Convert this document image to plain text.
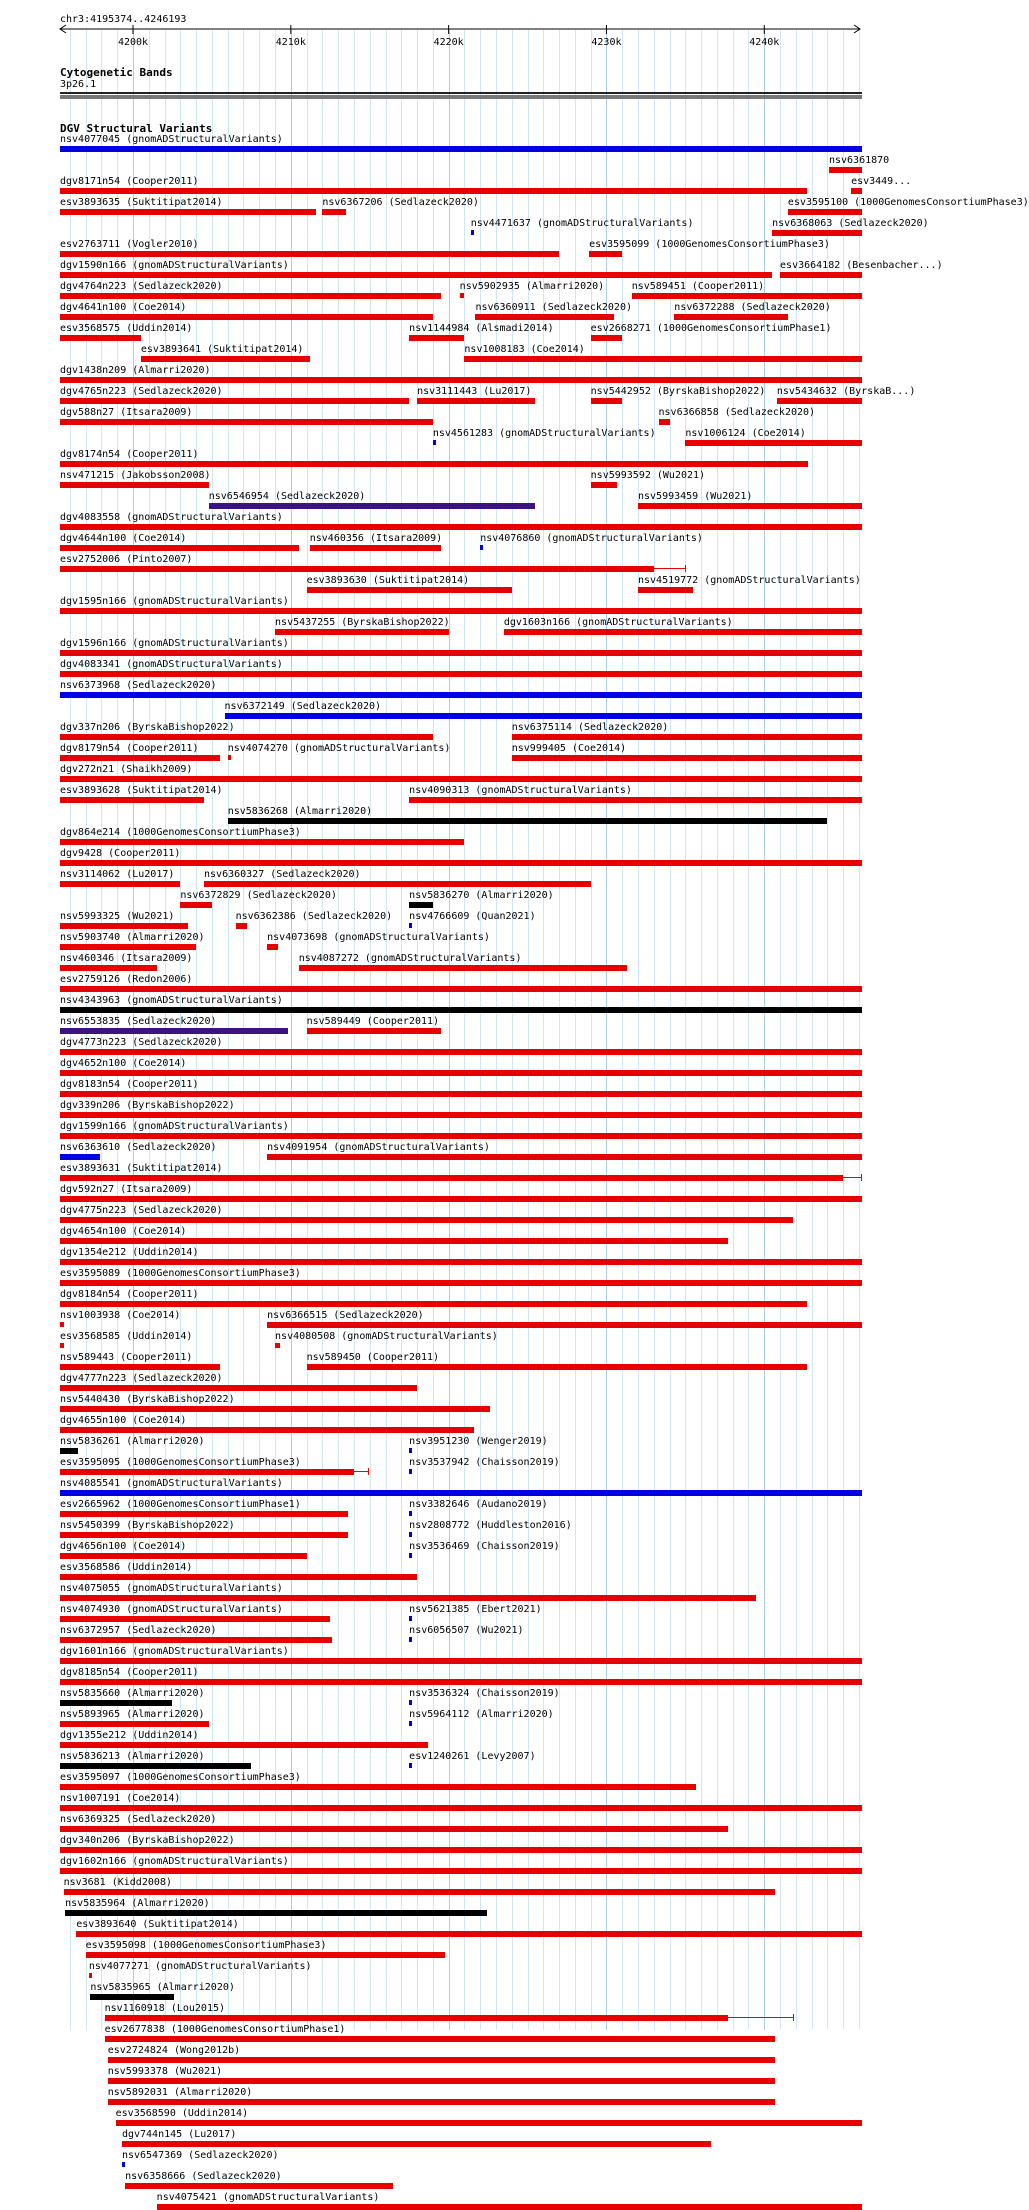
chr3:4195374..4246193
4200k	4210k	4220k	4230k	4240k
Cytogenetic Bands
3p26.1
DGV Structural Variants
nsv4077045 (gnomADStructuralVariants)
nsv6361870
dgv8171n54 (Cooper2011)
esv3893635 (Suktitipat2014)	nsv6367206 (Sedlazeck2020)
nsv4471637 (gnomADStructuralVariants)
esv3595100 (1000GenomesConsortiumPhase3)
esv2763711 (Vogler2010)	esv3595099 (1000GenomesConsortiumPhase3)
esv3449...
dgv1590n166 (gnomADStructuralVariants)
dgv4764n223 (Sedlazeck2020)	nsv5902935 (Almarri2020)	nsv589451 (Cooper2011)
dgv4641n100 (Coe2014)	nsv6360911 (Sedlazeck2020)	nsv6372288 (Sedlazeck2020)
esv3568575 (Uddin2014)
esv3893641 (Suktitipat2014)
nsv1144984 (Alsmadi2014)	esv2668271 (1000GenomesConsortiumPhase1)
dgv1438n209 (Almarri2020)
nsv1008183 (Coe2014)
nsv6368063 (Sedlazeck2020)
dgv4765n223 (Sedlazeck2020)	nsv3111443 (Lu2017)	nsv5442952 (ByrskaBishop2022)
esv3664182 (Besenbacher...)
dgv588n27 (Itsara2009)
nsv4561283 (gnomADStructuralVariants)
nsv6366858 (Sedlazeck2020)
dgv8174n54 (Cooper2011)
nsv471215 (Jakobsson2008)
nsv6546954 (Sedlazeck2020)
nsv5993592 (Wu2021)
nsv5434632 (ByrskaB...)
dgv4083558 (gnomADStructuralVariants)
dgv4644n100 (Coe2014)	nsv460356 (Itsara2009)	nsv4076860 (gnomADStructuralVariants)
esv2752006 (Pinto2007)
esv3893630 (Suktitipat2014)
nsv1006124 (Coe2014)
dgv1595n166 (gnomADStructuralVariants)
nsv5437255 (ByrskaBishop2022)
dgv1596n166 (gnomADStructuralVariants)
dgv4083341 (gnomADStructuralVariants)
nsv6373968 (Sedlazeck2020)
nsv6372149 (Sedlazeck2020)
dgv337n206 (ByrskaBishop2022)
dgv1603n166 (gnomADStructuralVariants)
dgv8179n54 (Cooper2011)	nsv4074270 (gnomADStructuralVariants)
nsv6375114 (Sedlazeck2020)
dgv272n21 (Shaikh2009)
esv3893628 (Suktitipat2014)
nsv5836268 (Almarri2020)
dgv864e214 (1000GenomesConsortiumPhase3)
nsv999405 (Coe2014)
dgv9428 (Cooper2011)
nsv3114062 (Lu2017)
nsv6372829 (Sedlazeck2020)
nsv4090313 (gnomADStructuralVariants)
nsv5993459 (Wu2021)
nsv5993325 (Wu2021)
nsv6360327 (Sedlazeck2020)
nsv4519772 (gnomADStructuralVariants)
nsv5903740 (Almarri2020)
nsv6362386 (Sedlazeck2020)
nsv5836270 (Almarri2020)
nsv460346 (Itsara2009)
nsv4073698 (gnomADStructuralVariants)
esv2759126 (Redon2006)
nsv4343963 (gnomADStructuralVariants)
nsv6553835 (Sedlazeck2020)
nsv4087272 (gnomADStructuralVariants)
dgv4773n223 (Sedlazeck2020)
dgv4652n100 (Coe2014)
dgv8183n54 (Cooper2011)
dgv339n206 (ByrskaBishop2022)
dgv1599n166 (gnomADStructuralVariants)
nsv6363610 (Sedlazeck2020)	nsv4091954 (gnomADStructuralVariants)
esv3893631 (Suktitipat2014)
dgv592n27 (Itsara2009)
dgv4775n223 (Sedlazeck2020)
dgv4654n100 (Coe2014)
dgv1354e212 (Uddin2014)
esv3595089 (1000GenomesConsortiumPhase3)
dgv8184n54 (Cooper2011)
nsv1003938 (Coe2014)	nsv6366515 (Sedlazeck2020)
esv3568585 (Uddin2014)	nsv4080508 (gnomADStructuralVariants)
nsv589443 (Cooper2011)
nsv589449 (Cooper2011)
dgv4777n223 (Sedlazeck2020)
nsv5440430 (ByrskaBishop2022)
dgv4655n100 (Coe2014)
nsv5836261 (Almarri2020)
nsv589450 (Cooper2011)
esv3595095 (1000GenomesConsortiumPhase3)
nsv4766609 (Quan2021)
nsv4085541 (gnomADStructuralVariants)
esv2665962 (1000GenomesConsortiumPhase1)
nsv3951230 (Wenger2019)
nsv5450399 (ByrskaBishop2022)
nsv3537942 (Chaisson2019)
dgv4656n100 (Coe2014)
nsv3382646 (Audano2019)
esv3568586 (Uddin2014)
nsv4075055 (gnomADStructuralVariants)
nsv4074930 (gnomADStructuralVariants)
nsv2808772 (Huddleston2016)
nsv6372957 (Sedlazeck2020)
nsv3536469 (Chaisson2019)
dgv1601n166 (gnomADStructuralVariants)
dgv8185n54 (Cooper2011)
nsv5835660 (Almarri2020)
nsv5621385 (Ebert2021)
nsv5893965 (Almarri2020)
dgv1355e212 (Uddin2014)
nsv5836213 (Almarri2020)
nsv6056507 (Wu2021)
esv3595097 (1000GenomesConsortiumPhase3)
nsv1007191 (Coe2014)
nsv6369325 (Sedlazeck2020)
dgv340n206 (ByrskaBishop2022)
dgv1602n166 (gnomADStructuralVariants)
nsv3681 (Kidd2008)
nsv5835964 (Almarri2020)
esv3893640 (Suktitipat2014)
esv3595098 (1000GenomesConsortiumPhase3)
nsv4077271 (gnomADStructuralVariants)
nsv3536324 (Chaisson2019)
nsv5835965 (Almarri2020)
nsv5964112 (Almarri2020)
nsv1160918 (Lou2015)
esv2677838 (1000GenomesConsortiumPhase1)
esv2724824 (Wong2012b)
nsv5993378 (Wu2021)
nsv5892031 (Almarri2020)
esv3568590 (Uddin2014)
dgv744n145 (Lu2017)
nsv6547369 (Sedlazeck2020)
esv1240261 (Levy2007)
nsv6358666 (Sedlazeck2020)
nsv4075421 (gnomADStructuralVariants)
